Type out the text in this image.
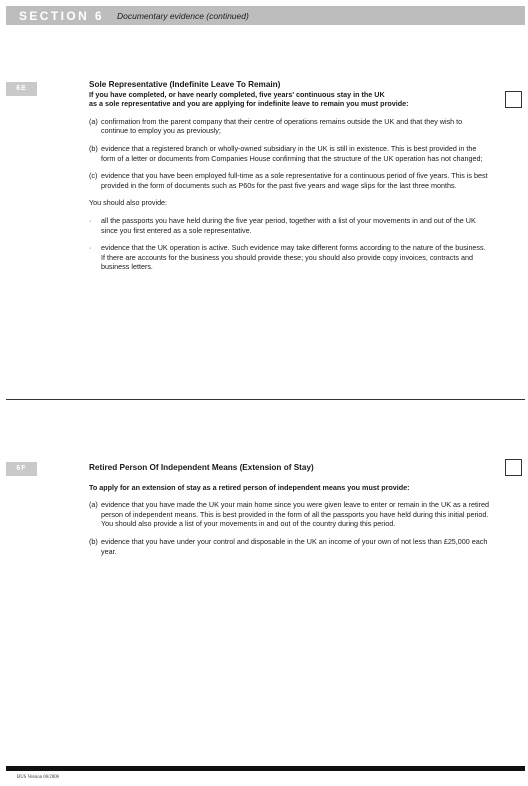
SECTION 6 Documentary evidence (continued)
6E	Sole Representative (Indefinite Leave To Remain)

If you have completed, or have nearly completed, five years' continuous stay in the UK

as a sole representative and you are applying for indefinite leave to remain you must provide:

(a) confirmation from the parent company that their centre of operations remains outside the UK and that they wish to continue to employ you as previously;

(b) evidence that a registered branch or wholly-owned subsidiary in the UK is still in existence. This is best provided in the form of a letter or documents from Companies House confirming that the structure of the UK operation has not changed;

(c) evidence that you have been employed full-time as a sole representative for a continuous period of five years. This is best provided in the form of documents such as P60s for the past five years and wage slips for the last three months.

You should also provide:

· all the passports you have held during the five year period, together with a list of your movements in and out of the UK since you first entered as a sole representative.

· evidence that the UK operation is active. Such evidence may take different forms according to the nature of the business. If there are accounts for the business you should provide these; you should also provide copy invoices, contracts and business letters.

6F	Retired Person Of Independent Means (Extension of Stay)

To apply for an extension of stay as a retired person of independent means you must provide:

(a) evidence that you have made the UK your main home since you were given leave to enter or remain in the UK as a retired person of independent means. This is best provided in the form of all the passports you have held during this initial period. You should also provide a list of your movements in and out of the country during this period.

(b) evidence that you have under your control and disposable in the UK an income of your own of not less than £25,000 each year.

BUS Version 06/2006
